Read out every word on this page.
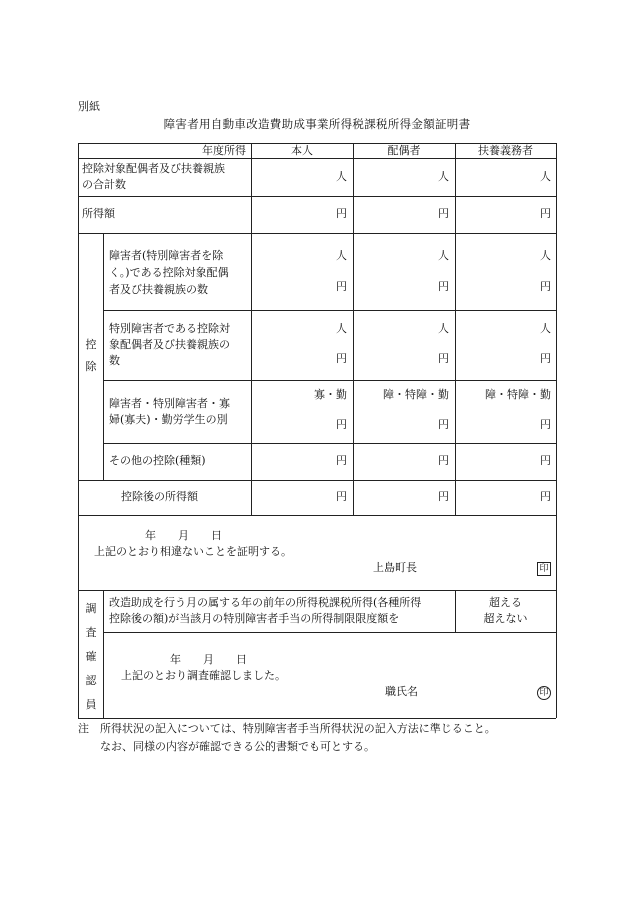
別紙
障害者用自動車改造費助成事業所得税課税所得金額証明書
年度所得	本人	配偶者	扶養義務者
控除対象配偶者及び扶養親族
の合計数
人	人	人
所得額	円	円	円
控
除
障害者(特別障害者を除
く。)である控除対象配偶
者及び扶養親族の数
人	人	人
円	円	円
特別障害者である控除対
象配偶者及び扶養親族の
数
人	人	人
円	円	円
障害者・特別障害者・寡
婦(寡夫)・勤労学生の別
寡・勤	障・特障・勤	障・特障・勤
円	円	円
その他の控除(種類)	円	円	円
控除後の所得額	円	円	円
年　　月　　日
上記のとおり相違ないことを証明する。
上島町長	印
調
査
確
認
員
改造助成を行う月の属する年の前年の所得税課税所得(各種所得
控除後の額)が当該月の特別障害者手当の所得制限限度額を
超える
超えない
年　　月　　日
上記のとおり調査確認しました。
職氏名	印
注　所得状況の記入については、特別障害者手当所得状況の記入方法に準じること。
　　なお、同様の内容が確認できる公的書類でも可とする。
